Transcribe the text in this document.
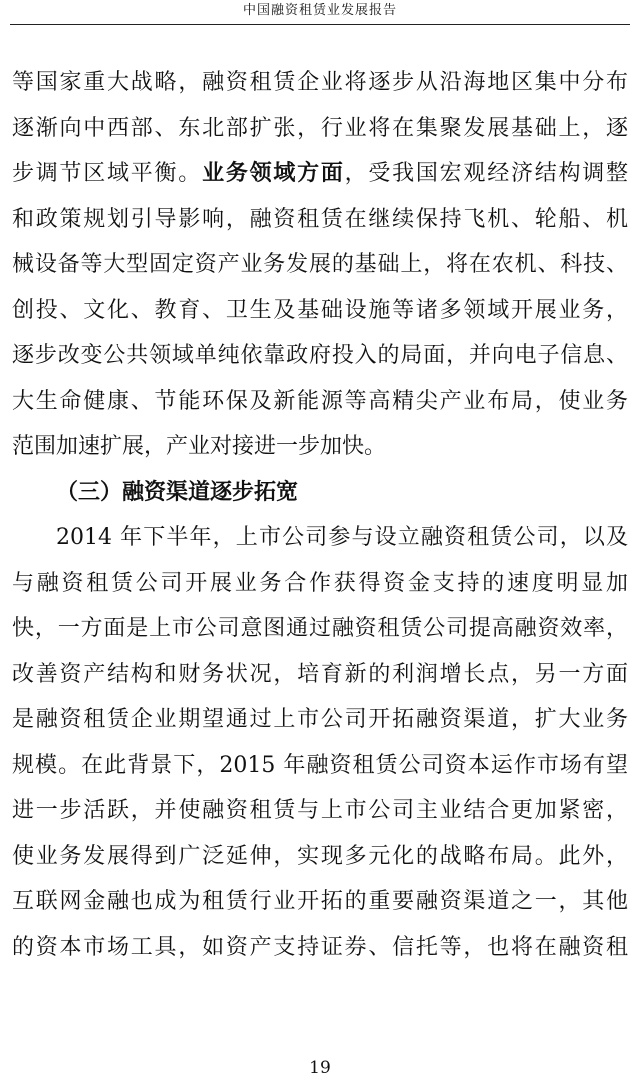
中国融资租赁业发展报告
等国家重大战略，融资租赁企业将逐步从沿海地区集中分布
逐渐向中西部、东北部扩张，行业将在集聚发展基础上，逐
步调节区域平衡。业务领域方面，受我国宏观经济结构调整
和政策规划引导影响，融资租赁在继续保持飞机、轮船、机
械设备等大型固定资产业务发展的基础上，将在农机、科技、
创投、文化、教育、卫生及基础设施等诸多领域开展业务，
逐步改变公共领域单纯依靠政府投入的局面，并向电子信息、
大生命健康、节能环保及新能源等高精尖产业布局，使业务
范围加速扩展，产业对接进一步加快。
（三）融资渠道逐步拓宽
2014 年下半年，上市公司参与设立融资租赁公司，以及
与融资租赁公司开展业务合作获得资金支持的速度明显加
快，一方面是上市公司意图通过融资租赁公司提高融资效率，
改善资产结构和财务状况，培育新的利润增长点，另一方面
是融资租赁企业期望通过上市公司开拓融资渠道，扩大业务
规模。在此背景下，2015 年融资租赁公司资本运作市场有望
进一步活跃，并使融资租赁与上市公司主业结合更加紧密，
使业务发展得到广泛延伸，实现多元化的战略布局。此外，
互联网金融也成为租赁行业开拓的重要融资渠道之一，其他
的资本市场工具，如资产支持证券、信托等，也将在融资租
19
